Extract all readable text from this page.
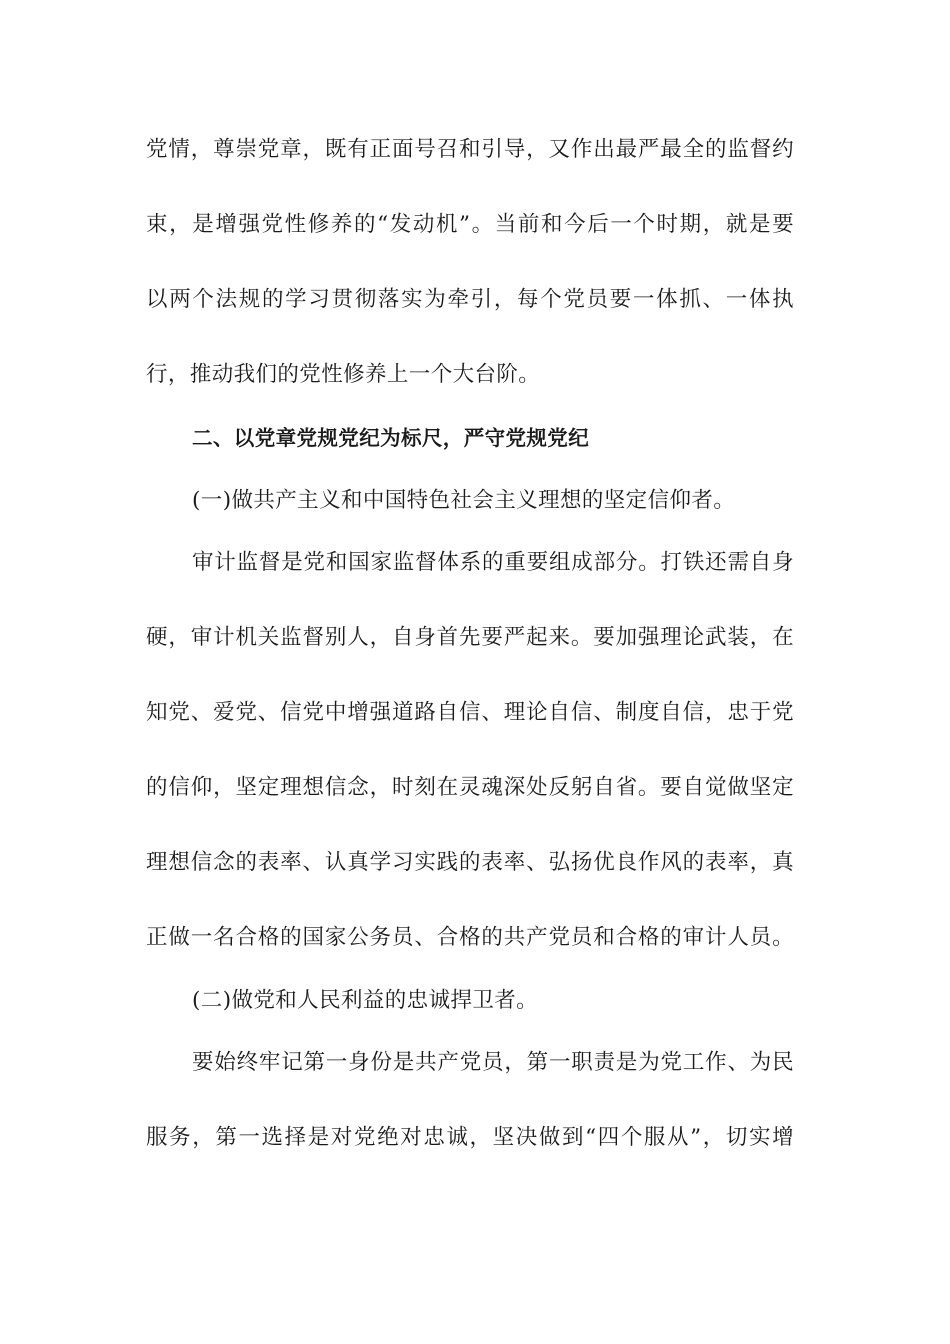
党情，尊崇党章，既有正面号召和引导，又作出最严最全的监督约
束，是增强党性修养的“发动机”。当前和今后一个时期，就是要
以两个法规的学习贯彻落实为牵引，每个党员要一体抓、一体执
行，推动我们的党性修养上一个大台阶。
二、以党章党规党纪为标尺，严守党规党纪
(一)做共产主义和中国特色社会主义理想的坚定信仰者。
审计监督是党和国家监督体系的重要组成部分。打铁还需自身
硬，审计机关监督别人，自身首先要严起来。要加强理论武装，在
知党、爱党、信党中增强道路自信、理论自信、制度自信，忠于党
的信仰，坚定理想信念，时刻在灵魂深处反躬自省。要自觉做坚定
理想信念的表率、认真学习实践的表率、弘扬优良作风的表率，真
正做一名合格的国家公务员、合格的共产党员和合格的审计人员。
(二)做党和人民利益的忠诚捍卫者。
要始终牢记第一身份是共产党员，第一职责是为党工作、为民
服务，第一选择是对党绝对忠诚，坚决做到“四个服从”，切实增
